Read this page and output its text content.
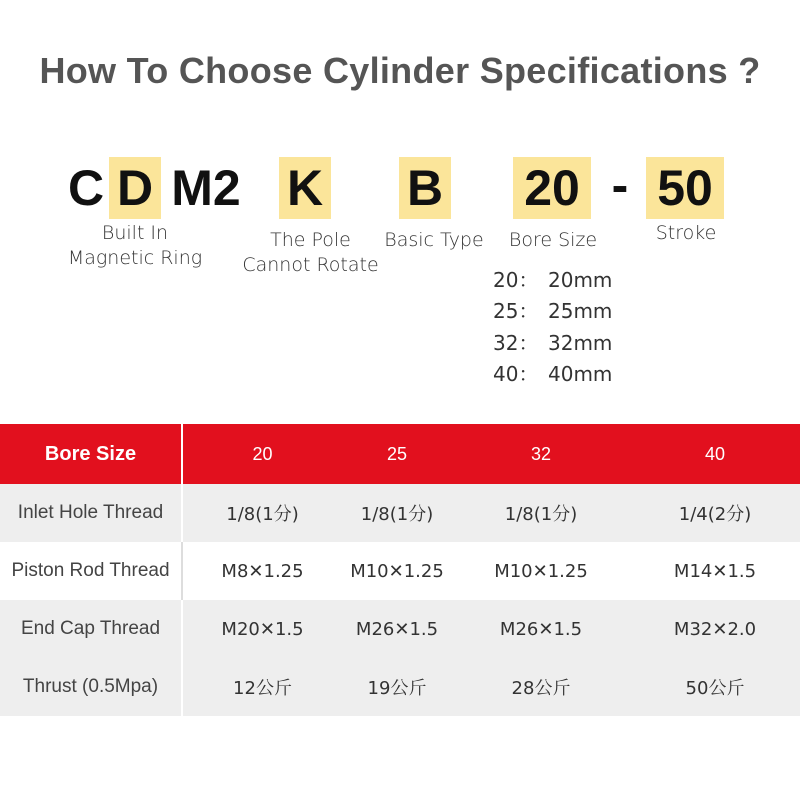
How To Choose Cylinder Specifications ?
C D M2 K B 20 - 50
Built In
Magnetic Ring
The Pole
Cannot Rotate
Basic Type	Bore Size	Stroke
20： 20mm
25： 25mm
32： 32mm
40： 40mm
Bore Size	20	25	32	40
Inlet Hole Thread	1/8(1分)	1/8(1分)	1/8(1分)	1/4(2分)
Piston Rod Thread	M8✕1.25	M10✕1.25	M10✕1.25	M14✕1.5
End Cap Thread	M20✕1.5	M26✕1.5	M26✕1.5	M32✕2.0
Thrust (0.5Mpa)	12公斤	19公斤	28公斤	50公斤
